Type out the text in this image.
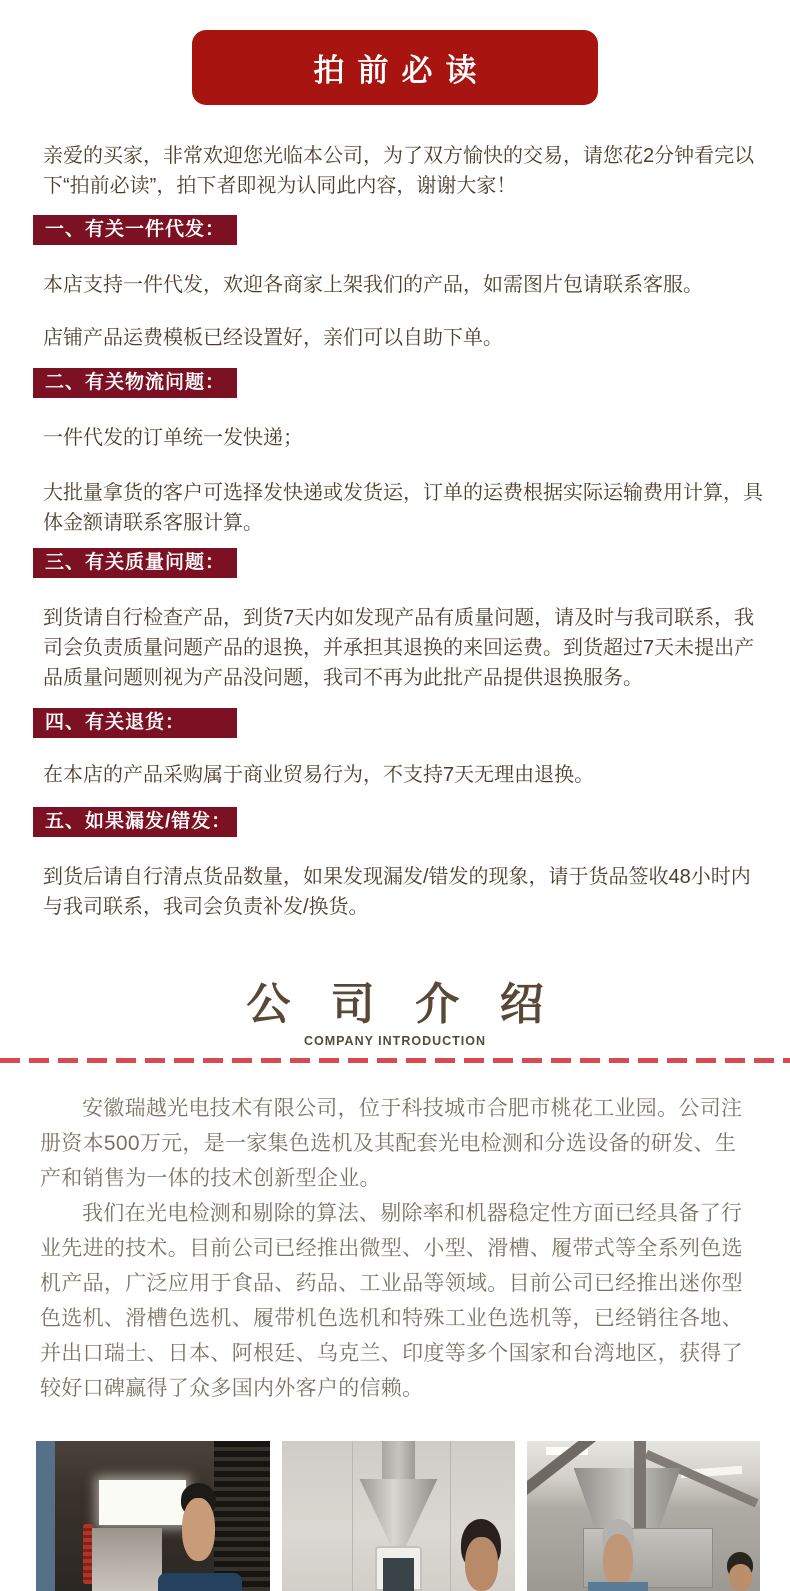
拍前必读

亲爱的买家，非常欢迎您光临本公司，为了双方愉快的交易，请您花2分钟看完以下“拍前必读”，拍下者即视为认同此内容，谢谢大家！

一、有关一件代发：

本店支持一件代发，欢迎各商家上架我们的产品，如需图片包请联系客服。

店铺产品运费模板已经设置好，亲们可以自助下单。

二、有关物流问题：

一件代发的订单统一发快递；

大批量拿货的客户可选择发快递或发货运，订单的运费根据实际运输费用计算，具体金额请联系客服计算。

三、有关质量问题：

到货请自行检查产品，到货7天内如发现产品有质量问题，请及时与我司联系，我司会负责质量问题产品的退换，并承担其退换的来回运费。到货超过7天未提出产品质量问题则视为产品没问题，我司不再为此批产品提供退换服务。

四、有关退货：

在本店的产品采购属于商业贸易行为，不支持7天无理由退换。

五、如果漏发/错发：

到货后请自行清点货品数量，如果发现漏发/错发的现象，请于货品签收48小时内与我司联系，我司会负责补发/换货。

公 司 介 绍
COMPANY INTRODUCTION

安徽瑞越光电技术有限公司，位于科技城市合肥市桃花工业园。公司注册资本500万元，是一家集色选机及其配套光电检测和分选设备的研发、生产和销售为一体的技术创新型企业。

我们在光电检测和剔除的算法、剔除率和机器稳定性方面已经具备了行业先进的技术。目前公司已经推出微型、小型、滑槽、履带式等全系列色选机产品，广泛应用于食品、药品、工业品等领域。目前公司已经推出迷你型色选机、滑槽色选机、履带机色选机和特殊工业色选机等，已经销往各地、并出口瑞士、日本、阿根廷、乌克兰、印度等多个国家和台湾地区，获得了较好口碑赢得了众多国内外客户的信赖。
